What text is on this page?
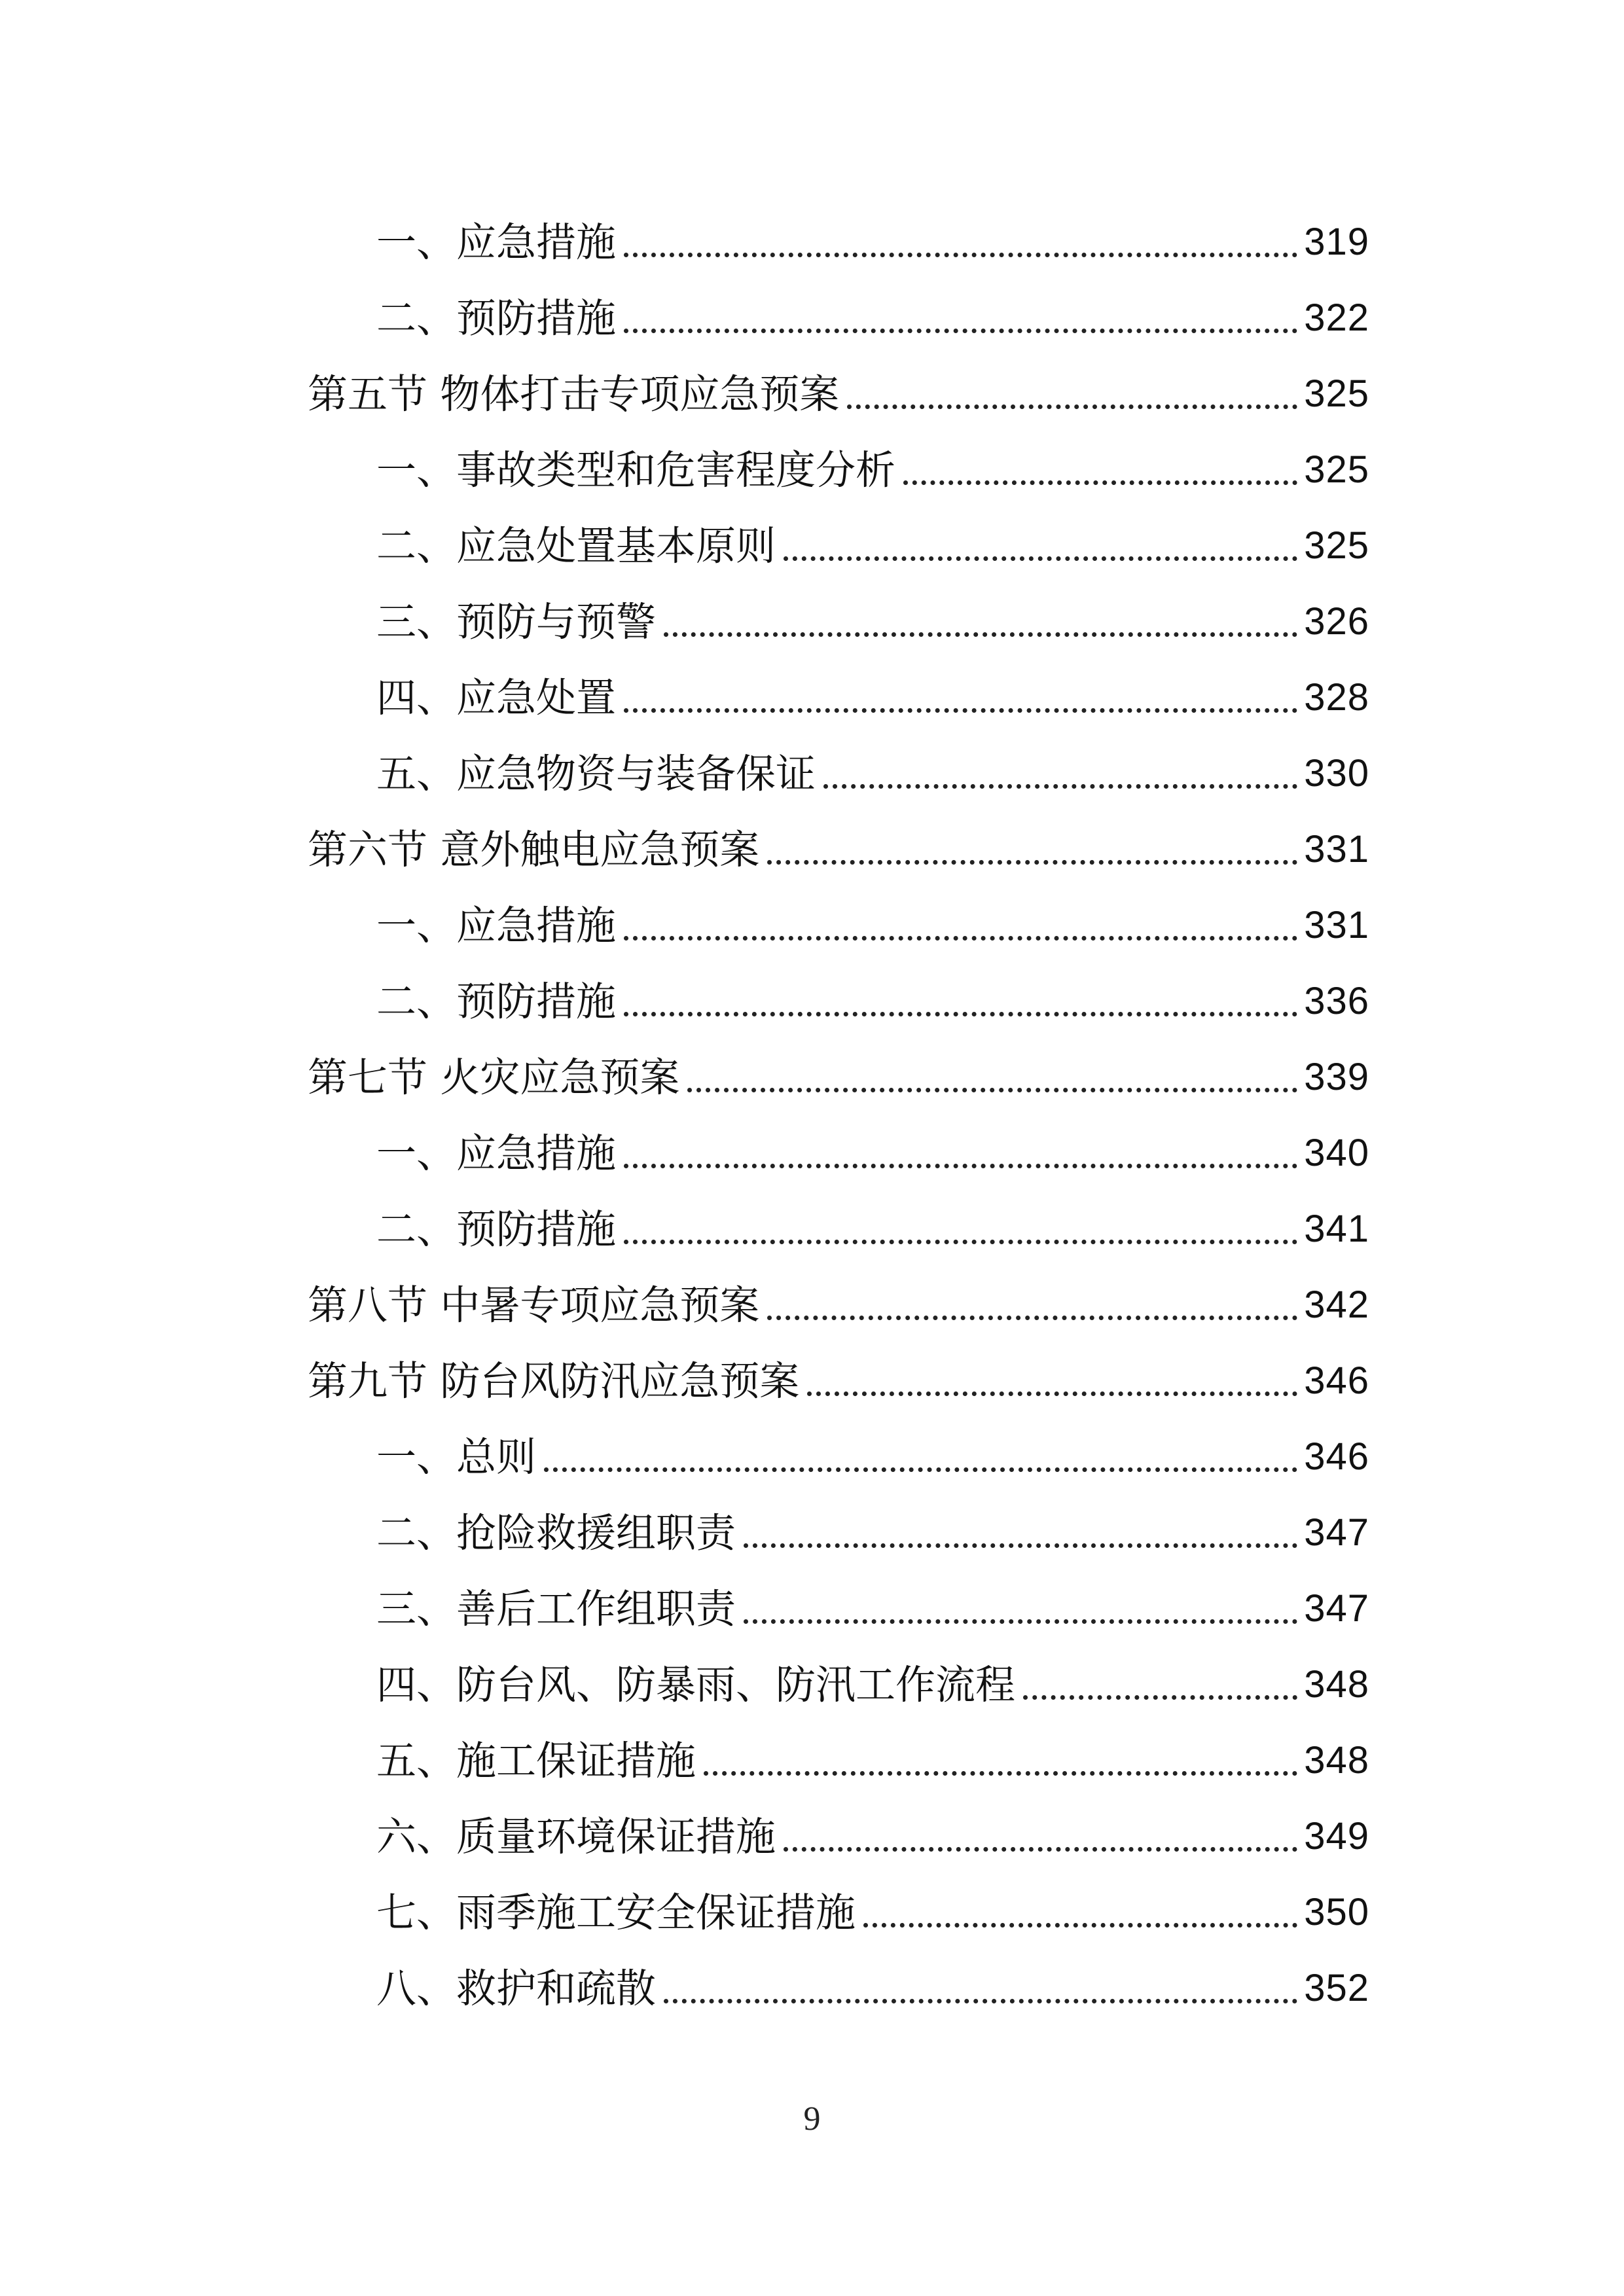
一、应急措施	319
二、预防措施	322
第五节 物体打击专项应急预案	325
一、事故类型和危害程度分析	325
二、应急处置基本原则	325
三、预防与预警	326
四、应急处置	328
五、应急物资与装备保证	330
第六节 意外触电应急预案	331
一、应急措施	331
二、预防措施	336
第七节 火灾应急预案	339
一、应急措施	340
二、预防措施	341
第八节 中暑专项应急预案	342
第九节 防台风防汛应急预案	346
一、总则	346
二、抢险救援组职责	347
三、善后工作组职责	347
四、防台风、防暴雨、防汛工作流程	348
五、施工保证措施	348
六、质量环境保证措施	349
七、雨季施工安全保证措施	350
八、救护和疏散	352
9
